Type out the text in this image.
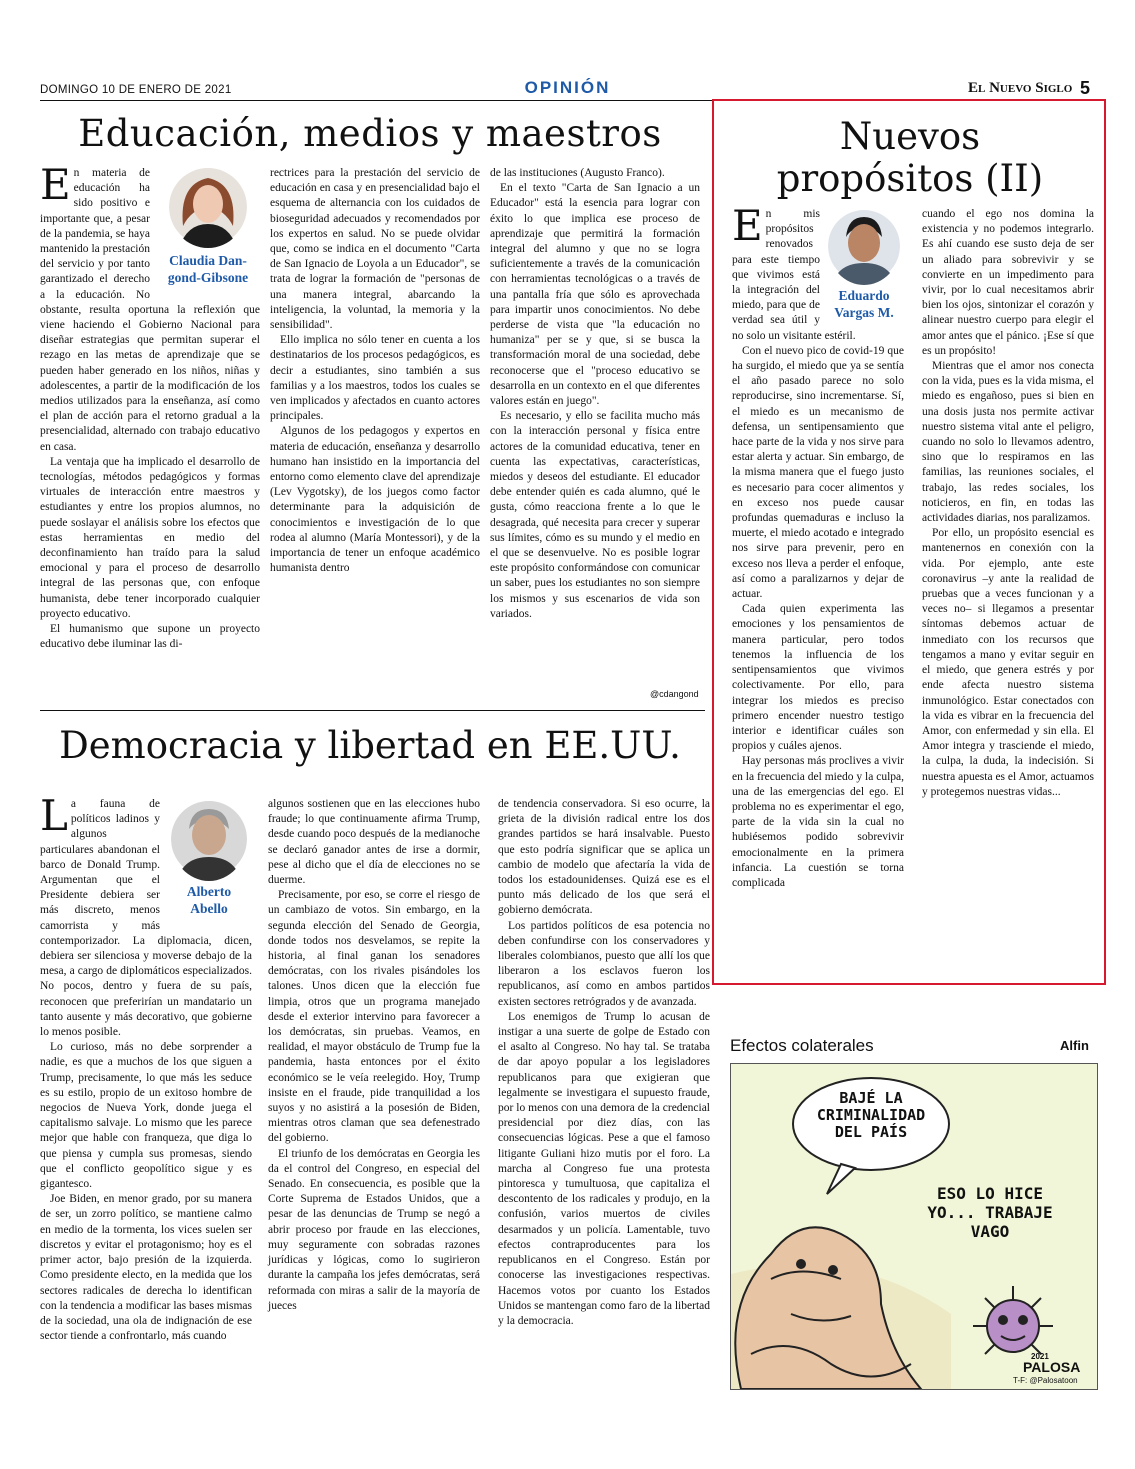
DOMINGO 10 DE ENERO DE 2021	OPINIÓN	El Nuevo Siglo 5
Educación, medios y maestros
Claudia Dan-
gond-Gibsone

En materia de educación ha sido positivo e importante que, a pesar de la pandemia, se haya mantenido la prestación del servicio y por tanto garantizado el derecho a la educación. No obstante, resulta oportuna la reflexión que viene haciendo el Gobierno Nacional para diseñar estrategias que permitan superar el rezago en las metas de aprendizaje que se pueden haber generado en los niños, niñas y adolescentes, a partir de la modificación de los medios utilizados para la enseñanza, así como el plan de acción para el retorno gradual a la presencialidad, alternado con trabajo educativo en casa.

La ventaja que ha implicado el desarrollo de tecnologías, métodos pedagógicos y formas virtuales de interacción entre maestros y estudiantes y entre los propios alumnos, no puede soslayar el análisis sobre los efectos que estas herramientas en medio del deconfinamiento han traído para la salud emocional y para el proceso de desarrollo integral de las personas que, con enfoque humanista, debe tener incorporado cualquier proyecto educativo.

El humanismo que supone un proyecto educativo debe iluminar las di-

rectrices para la prestación del servicio de educación en casa y en presencialidad bajo el esquema de alternancia con los cuidados de bioseguridad adecuados y recomendados por los expertos en salud. No se puede olvidar que, como se indica en el documento "Carta de San Ignacio de Loyola a un Educador", se trata de lograr la formación de "personas de una manera integral, abarcando la inteligencia, la voluntad, la memoria y la sensibilidad".

Ello implica no sólo tener en cuenta a los destinatarios de los procesos pedagógicos, es decir a estudiantes, sino también a sus familias y a los maestros, todos los cuales se ven implicados y afectados en cuanto actores principales.

Algunos de los pedagogos y expertos en materia de educación, enseñanza y desarrollo humano han insistido en la importancia del entorno como elemento clave del aprendizaje (Lev Vygotsky), de los juegos como factor determinante para la adquisición de conocimientos e investigación de lo que rodea al alumno (María Montessori), y de la importancia de tener un enfoque académico humanista dentro

de las instituciones (Augusto Franco).

En el texto "Carta de San Ignacio a un Educador" está la esencia para lograr con éxito lo que implica ese proceso de aprendizaje que permitirá la formación integral del alumno y que no se logra suficientemente a través de la comunicación con herramientas tecnológicas o a través de una pantalla fría que sólo es aprovechada para impartir unos conocimientos. No debe perderse de vista que "la educación no humaniza" per se y que, si se busca la transformación moral de una sociedad, debe reconocerse que el "proceso educativo se desarrolla en un contexto en el que diferentes valores están en juego".

Es necesario, y ello se facilita mucho más con la interacción personal y física entre actores de la comunidad educativa, tener en cuenta las expectativas, características, miedos y deseos del estudiante. El educador debe entender quién es cada alumno, qué le gusta, cómo reacciona frente a lo que le desagrada, qué necesita para crecer y superar sus límites, cómo es su mundo y el medio en el que se desenvuelve. No es posible lograr este propósito conformándose con comunicar un saber, pues los estudiantes no son siempre los mismos y sus escenarios de vida son variados.

@cdangond
Democracia y libertad en EE.UU.
Alberto
Abello

La fauna de políticos ladinos y algunos particulares abandonan el barco de Donald Trump. Argumentan que el Presidente debiera ser más discreto, menos camorrista y más contemporizador. La diplomacia, dicen, debiera ser silenciosa y moverse debajo de la mesa, a cargo de diplomáticos especializados. No pocos, dentro y fuera de su país, reconocen que preferirían un mandatario un tanto ausente y más decorativo, que gobierne lo menos posible.

Lo curioso, más no debe sorprender a nadie, es que a muchos de los que siguen a Trump, precisamente, lo que más les seduce es su estilo, propio de un exitoso hombre de negocios de Nueva York, donde juega el capitalismo salvaje. Lo mismo que les parece mejor que hable con franqueza, que diga lo que piensa y cumpla sus promesas, siendo que el conflicto geopolítico sigue y es gigantesco.

Joe Biden, en menor grado, por su manera de ser, un zorro político, se mantiene calmo en medio de la tormenta, los vices suelen ser discretos y evitar el protagonismo; hoy es el primer actor, bajo presión de la izquierda. Como presidente electo, en la medida que los sectores radicales de derecha lo identifican con la tendencia a modificar las bases mismas de la sociedad, una ola de indignación de ese sector tiende a confrontarlo, más cuando

algunos sostienen que en las elecciones hubo fraude; lo que continuamente afirma Trump, desde cuando poco después de la medianoche se declaró ganador antes de irse a dormir, pese al dicho que el día de elecciones no se duerme.

Precisamente, por eso, se corre el riesgo de un cambiazo de votos. Sin embargo, en la segunda elección del Senado de Georgia, donde todos nos desvelamos, se repite la historia, al final ganan los senadores demócratas, con los rivales pisándoles los talones. Unos dicen que la elección fue limpia, otros que un programa manejado desde el exterior intervino para favorecer a los demócratas, sin pruebas. Veamos, en realidad, el mayor obstáculo de Trump fue la pandemia, hasta entonces por el éxito económico se le veía reelegido. Hoy, Trump insiste en el fraude, pide tranquilidad a los suyos y no asistirá a la posesión de Biden, mientras otros claman que sea defenestrado del gobierno.

El triunfo de los demócratas en Georgia les da el control del Congreso, en especial del Senado. En consecuencia, es posible que la Corte Suprema de Estados Unidos, que a pesar de las denuncias de Trump se negó a abrir proceso por fraude en las elecciones, muy seguramente con sobradas razones jurídicas y lógicas, como lo sugirieron durante la campaña los jefes demócratas, será reformada con miras a salir de la mayoría de jueces

de tendencia conservadora. Si eso ocurre, la grieta de la división radical entre los dos grandes partidos se hará insalvable. Puesto que esto podría significar que se aplica un cambio de modelo que afectaría la vida de todos los estadounidenses. Quizá ese es el punto más delicado de los que será el gobierno demócrata.

Los partidos políticos de esa potencia no deben confundirse con los conservadores y liberales colombianos, puesto que allí los que liberaron a los esclavos fueron los republicanos, así como en ambos partidos existen sectores retrógrados y de avanzada.

Los enemigos de Trump lo acusan de instigar a una suerte de golpe de Estado con el asalto al Congreso. No hay tal. Se trataba de dar apoyo popular a los legisladores republicanos para que exigieran que legalmente se investigara el supuesto fraude, por lo menos con una demora de la credencial presidencial por diez días, con las consecuencias lógicas. Pese a que el famoso litigante Guliani hizo mutis por el foro. La marcha al Congreso fue una protesta pintoresca y tumultuosa, que capitaliza el descontento de los radicales y produjo, en la confusión, varios muertos de civiles desarmados y un policía. Lamentable, tuvo efectos contraproducentes para los republicanos en el Congreso. Están por conocerse las investigaciones respectivas. Hacemos votos por cuanto los Estados Unidos se mantengan como faro de la libertad y la democracia.

Nuevos
propósitos (II)
Eduardo
Vargas M.

En mis propósitos renovados para este tiempo que vivimos está la integración del miedo, para que de verdad sea útil y no solo un visitante estéril.

Con el nuevo pico de covid-19 que ha surgido, el miedo que ya se sentía el año pasado parece no solo reproducirse, sino incrementarse. Sí, el miedo es un mecanismo de defensa, un sentipensamiento que hace parte de la vida y nos sirve para estar alerta y actuar. Sin embargo, de la misma manera que el fuego justo es necesario para cocer alimentos y en exceso nos puede causar profundas quemaduras e incluso la muerte, el miedo acotado e integrado nos sirve para prevenir, pero en exceso nos lleva a perder el enfoque, así como a paralizarnos y dejar de actuar.

Cada quien experimenta las emociones y los pensamientos de manera particular, pero todos tenemos la influencia de los sentipensamientos que vivimos colectivamente. Por ello, para integrar los miedos es preciso primero encender nuestro testigo interior e identificar cuáles son propios y cuáles ajenos.

Hay personas más proclives a vivir en la frecuencia del miedo y la culpa, una de las emergencias del ego. El problema no es experimentar el ego, parte de la vida sin la cual no hubiésemos podido sobrevivir emocionalmente en la primera infancia. La cuestión se torna complicada

cuando el ego nos domina la existencia y no podemos integrarlo. Es ahí cuando ese susto deja de ser un aliado para sobrevivir y se convierte en un impedimento para vivir, por lo cual necesitamos abrir bien los ojos, sintonizar el corazón y alinear nuestro cuerpo para elegir el amor antes que el pánico. ¡Ese sí que es un propósito!

Mientras que el amor nos conecta con la vida, pues es la vida misma, el miedo es engañoso, pues si bien en una dosis justa nos permite activar nuestro sistema vital ante el peligro, cuando no solo lo llevamos adentro, sino que lo respiramos en las familias, las reuniones sociales, el trabajo, las redes sociales, los noticieros, en fin, en todas las actividades diarias, nos paralizamos.

Por ello, un propósito esencial es mantenernos en conexión con la vida. Por ejemplo, ante este coronavirus –y ante la realidad de pruebas que a veces funcionan y a veces no– si llegamos a presentar síntomas debemos actuar de inmediato con los recursos que tengamos a mano y evitar seguir en el miedo, que genera estrés y por ende afecta nuestro sistema inmunológico. Estar conectados con la vida es vibrar en la frecuencia del Amor, con enfermedad y sin ella. El Amor integra y trasciende el miedo, la culpa, la duda, la indecisión. Si nuestra apuesta es el Amor, actuamos y protegemos nuestras vidas...

Efectos colaterales	Alfin
BAJÉ LA CRIMINALIDAD DEL PAÍS
ESO LO HICE YO... TRABAJE VAGO
2021
PALOSA
T-F: @Palosatoon
